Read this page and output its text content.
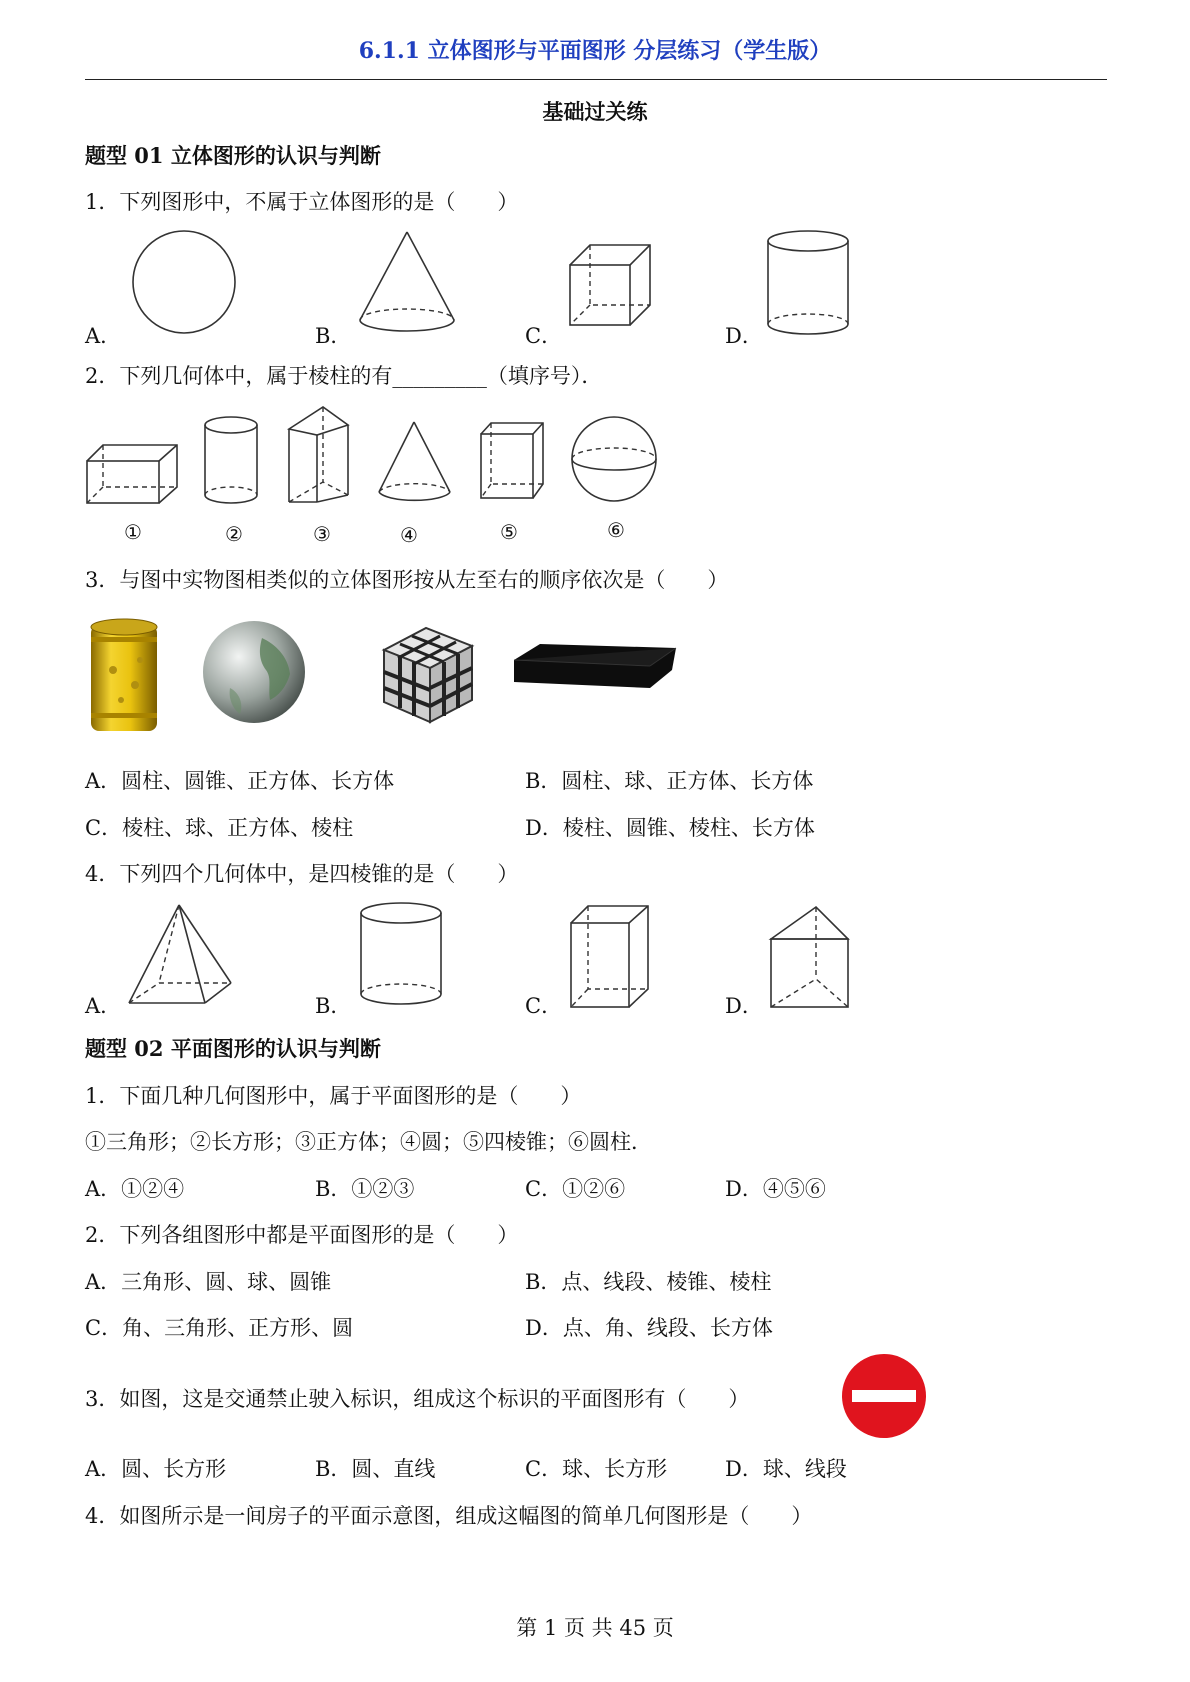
6.1.1 立体图形与平面图形 分层练习（学生版）
基础过关练
题型 01 立体图形的认识与判断
1．下列图形中，不属于立体图形的是（　　）
A．	B．	C．	D．
2．下列几何体中，属于棱柱的有_________（填序号）．
①	②	③	④	⑤	⑥
3．与图中实物图相类似的立体图形按从左至右的顺序依次是（　　）
A．圆柱、圆锥、正方体、长方体	B．圆柱、球、正方体、长方体
C．棱柱、球、正方体、棱柱	D．棱柱、圆锥、棱柱、长方体
4．下列四个几何体中，是四棱锥的是（　　）
A．	B．	C．	D．
题型 02 平面图形的认识与判断
1．下面几种几何图形中，属于平面图形的是（　　）
①三角形；②长方形；③正方体；④圆；⑤四棱锥；⑥圆柱．
A．①②④	B．①②③	C．①②⑥	D．④⑤⑥
2．下列各组图形中都是平面图形的是（　　）
A．三角形、圆、球、圆锥	B．点、线段、棱锥、棱柱
C．角、三角形、正方形、圆	D．点、角、线段、长方体
3．如图，这是交通禁止驶入标识，组成这个标识的平面图形有（　　）
A．圆、长方形	B．圆、直线	C．球、长方形	D．球、线段
4．如图所示是一间房子的平面示意图，组成这幅图的简单几何图形是（　　）
第 1 页 共 45 页
